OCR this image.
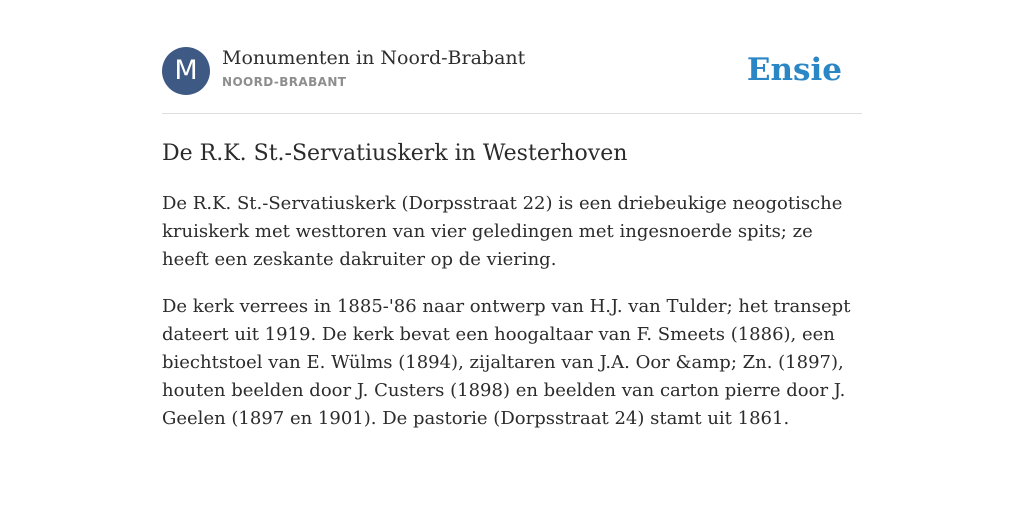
M	Monumenten in Noord-Brabant
NOORD-BRABANT	Ensie
De R.K. St.-Servatiuskerk in Westerhoven

De R.K. St.-Servatiuskerk (Dorpsstraat 22) is een driebeukige neogotische kruiskerk met westtoren van vier geledingen met ingesnoerde spits; ze heeft een zeskante dakruiter op de viering.

De kerk verrees in 1885-'86 naar ontwerp van H.J. van Tulder; het transept dateert uit 1919. De kerk bevat een hoogaltaar van F. Smeets (1886), een biechtstoel van E. Wülms (1894), zijaltaren van J.A. Oor &amp; Zn. (1897), houten beelden door J. Custers (1898) en beelden van carton pierre door J. Geelen (1897 en 1901). De pastorie (Dorpsstraat 24) stamt uit 1861.
